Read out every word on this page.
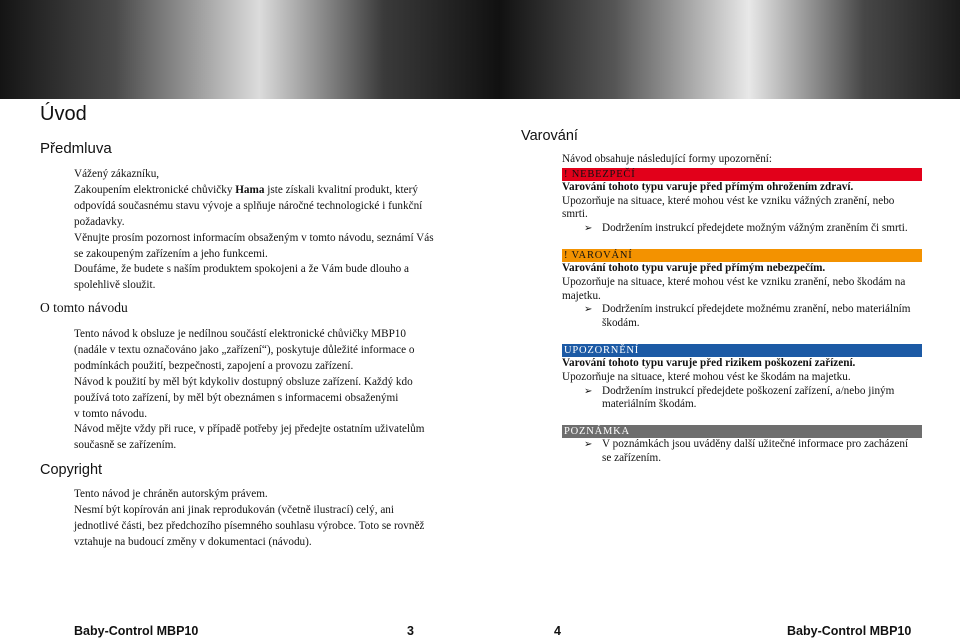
Úvod
Předmluva
Vážený zákazníku,
Zakoupením elektronické chůvičky Hama jste získali kvalitní produkt, který
odpovídá současnému stavu vývoje a splňuje náročné technologické i funkční
požadavky.
Věnujte prosím pozornost informacím obsaženým v tomto návodu, seznámí Vás
se zakoupeným zařízením a jeho funkcemi.
Doufáme, že budete s naším produktem spokojeni a že Vám bude dlouho a
spolehlivě sloužit.
O tomto návodu
Tento návod k obsluze je nedílnou součástí elektronické chůvičky MBP10
(nadále v textu označováno jako „zařízení“), poskytuje důležité informace o
podmínkách použití, bezpečnosti, zapojení a provozu zařízení.
Návod k použití by měl být kdykoliv dostupný obsluze zařízení. Každý kdo
používá toto zařízení, by měl být obeznámen s informacemi obsaženými
v tomto návodu.
Návod mějte vždy při ruce, v případě potřeby jej předejte ostatním uživatelům
současně se zařízením.
Copyright
Tento návod je chráněn autorským právem.
Nesmí být kopírován ani jinak reprodukován (včetně ilustrací) celý, ani
jednotlivé části, bez předchozího písemného souhlasu výrobce. Toto se rovněž
vztahuje na budoucí změny v dokumentaci (návodu).
Baby-Control MBP10	3
Varování
Návod obsahuje následující formy upozornění:
! NEBEZPEČÍ
Varování tohoto typu varuje před přímým ohrožením zdraví.
Upozorňuje na situace, které mohou vést ke vzniku vážných zranění, nebo
smrti.
➢ Dodržením instrukcí předejdete možným vážným zraněním či smrti.
! VAROVÁNÍ
Varování tohoto typu varuje před přímým nebezpečím.
Upozorňuje na situace, které mohou vést ke vzniku zranění, nebo škodám na
majetku.
➢ Dodržením instrukcí předejdete možnému zranění, nebo materiálním
škodám.
UPOZORNĚNÍ
Varování tohoto typu varuje před rizikem poškození zařízení.
Upozorňuje na situace, které mohou vést ke škodám na majetku.
➢ Dodržením instrukcí předejdete poškození zařízení, a/nebo jiným
materiálním škodám.
POZNÁMKA
➢ V poznámkách jsou uváděny další užitečné informace pro zacházení
se zařízením.
4	Baby-Control MBP10
